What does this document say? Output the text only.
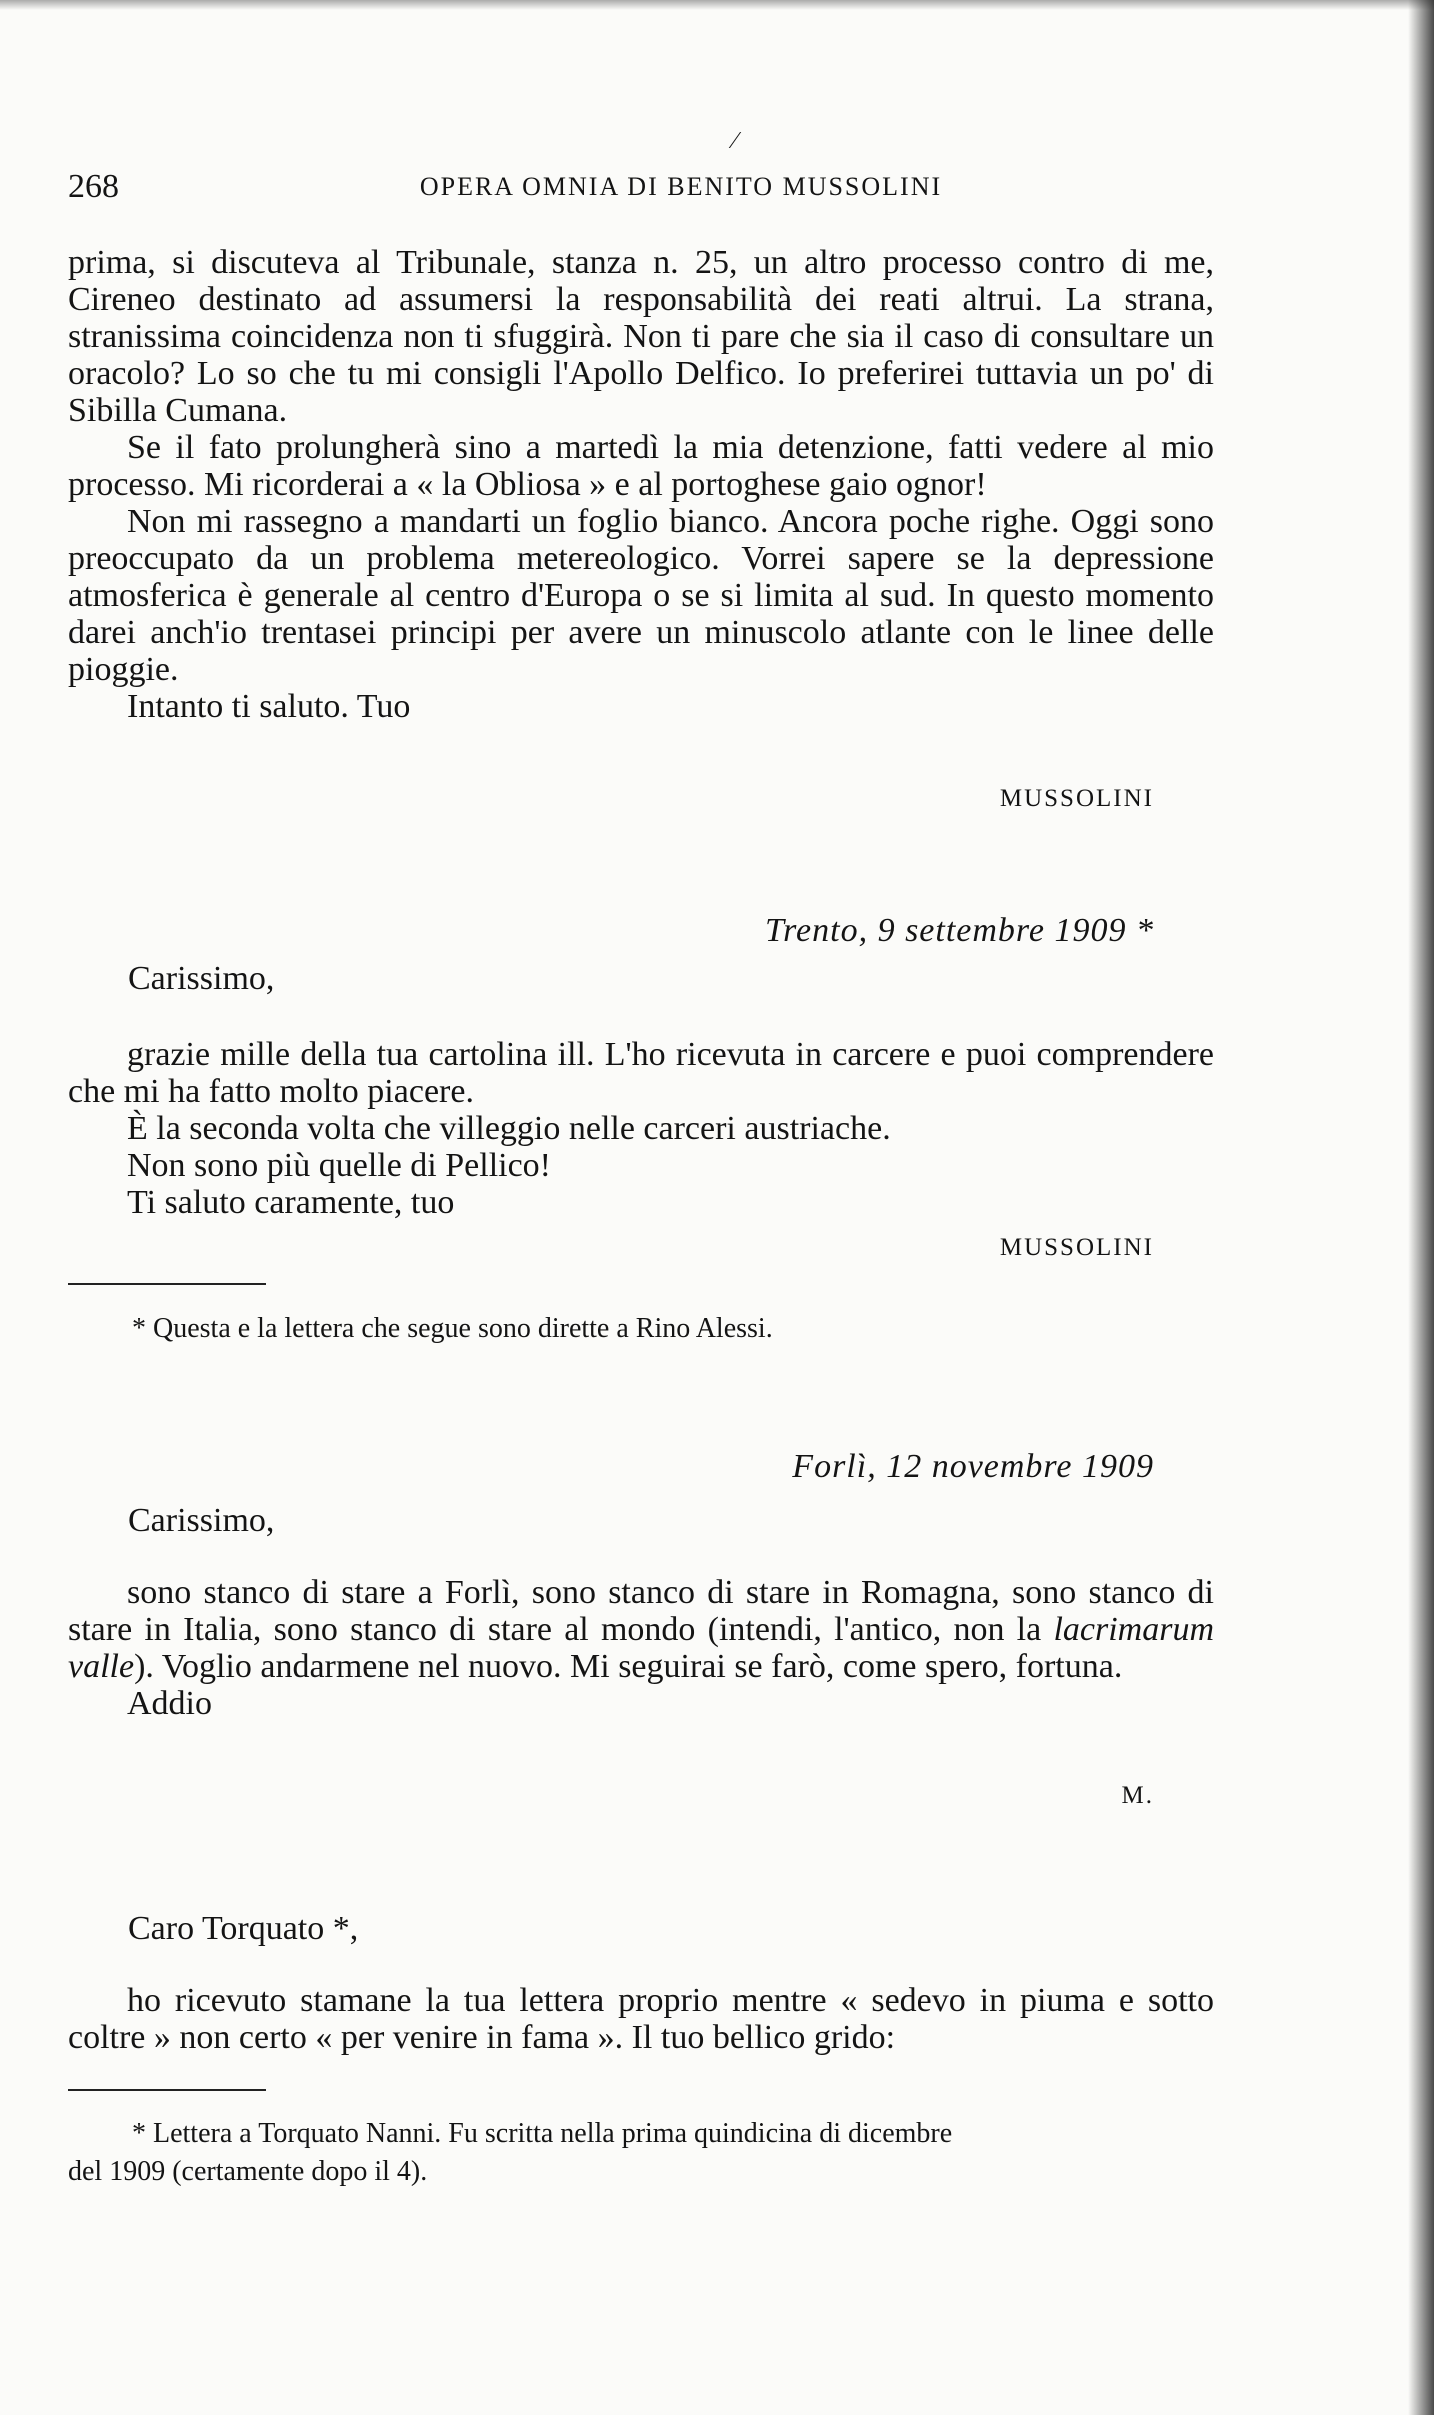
⁄
268	OPERA OMNIA DI BENITO MUSSOLINI

prima, si discuteva al Tribunale, stanza n. 25, un altro processo contro di me, Cireneo destinato ad assumersi la responsabilità dei reati altrui. La strana, stranissima coincidenza non ti sfuggirà. Non ti pare che sia il caso di consultare un oracolo? Lo so che tu mi consigli l'Apollo Delfico. Io preferirei tuttavia un po' di Sibilla Cumana.

Se il fato prolungherà sino a martedì la mia detenzione, fatti vedere al mio processo. Mi ricorderai a « la Obliosa » e al portoghese gaio ognor!

Non mi rassegno a mandarti un foglio bianco. Ancora poche righe. Oggi sono preoccupato da un problema metereologico. Vorrei sapere se la depressione atmosferica è generale al centro d'Europa o se si limita al sud. In questo momento darei anch'io trentasei principi per avere un minuscolo atlante con le linee delle pioggie.

Intanto ti saluto. Tuo

MUSSOLINI
Trento, 9 settembre 1909 *
Carissimo,

grazie mille della tua cartolina ill. L'ho ricevuta in carcere e puoi comprendere che mi ha fatto molto piacere.

È la seconda volta che villeggio nelle carceri austriache.

Non sono più quelle di Pellico!

Ti saluto caramente, tuo

MUSSOLINI

* Questa e la lettera che segue sono dirette a Rino Alessi.

Forlì, 12 novembre 1909
Carissimo,

sono stanco di stare a Forlì, sono stanco di stare in Romagna, sono stanco di stare in Italia, sono stanco di stare al mondo (intendi, l'antico, non la lacrimarum valle). Voglio andarmene nel nuovo. Mi seguirai se farò, come spero, fortuna.

Addio

M.
Caro Torquato *,

ho ricevuto stamane la tua lettera proprio mentre « sedevo in piuma e sotto coltre » non certo « per venire in fama ». Il tuo bellico grido:

* Lettera a Torquato Nanni. Fu scritta nella prima quindicina di dicembre

del 1909 (certamente dopo il 4).
